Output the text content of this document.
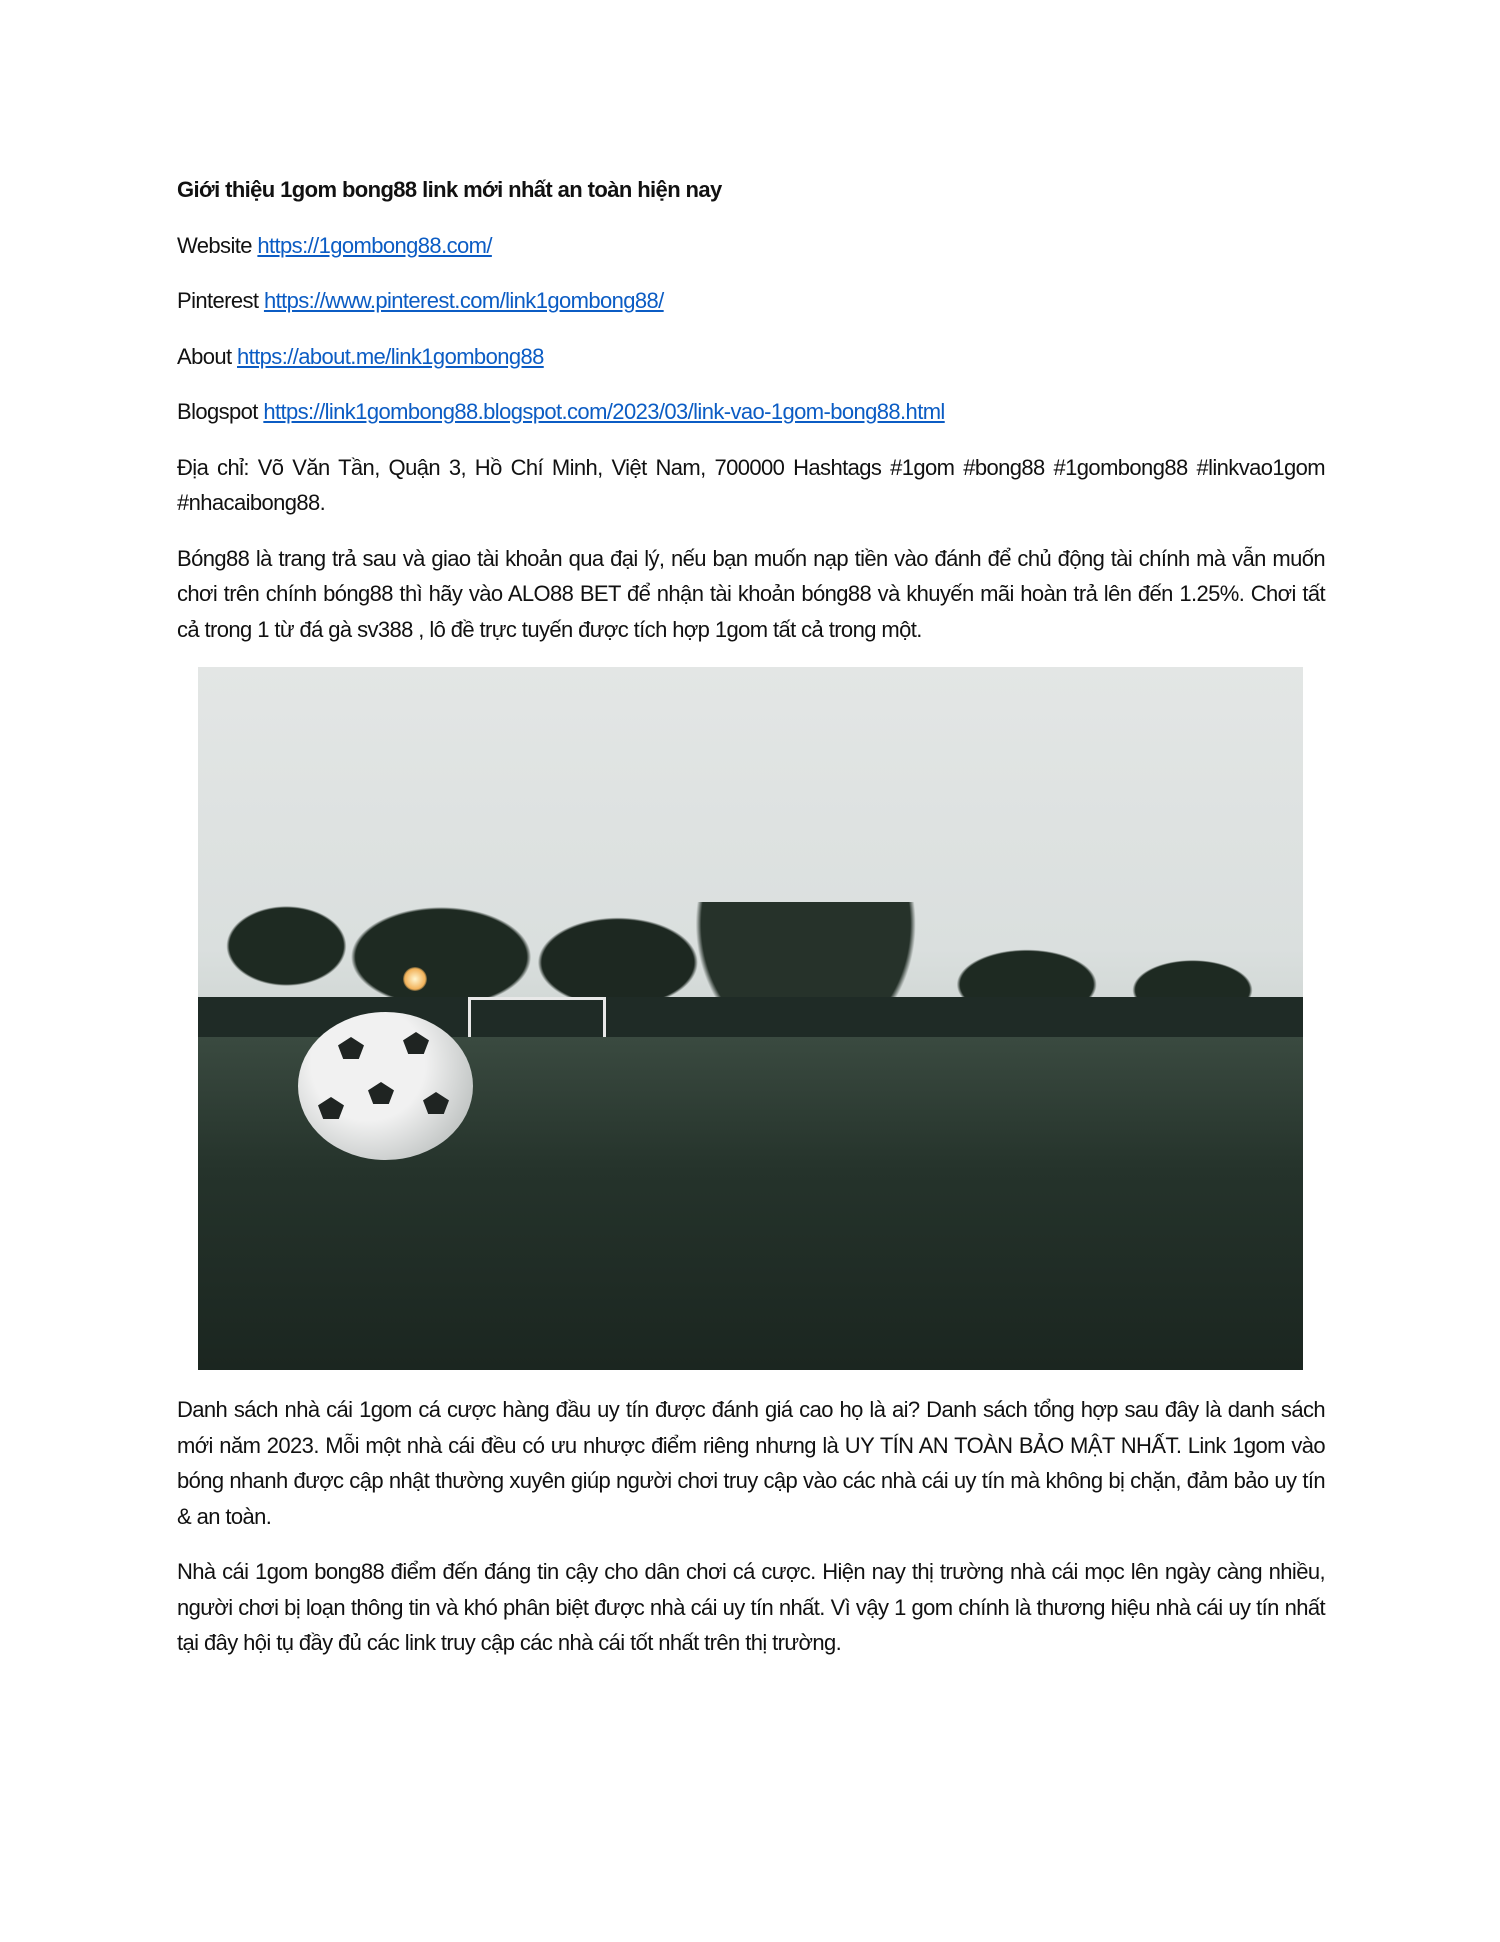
Giới thiệu 1gom bong88 link mới nhất an toàn hiện nay

Website https://1gombong88.com/

Pinterest https://www.pinterest.com/link1gombong88/

About https://about.me/link1gombong88

Blogspot https://link1gombong88.blogspot.com/2023/03/link-vao-1gom-bong88.html

Địa chỉ: Võ Văn Tần, Quận 3, Hồ Chí Minh, Việt Nam, 700000 Hashtags #1gom #bong88 #1gombong88 #linkvao1gom #nhacaibong88.

Bóng88 là trang trả sau và giao tài khoản qua đại lý, nếu bạn muốn nạp tiền vào đánh để chủ động tài chính mà vẫn muốn chơi trên chính bóng88 thì hãy vào ALO88 BET để nhận tài khoản bóng88 và khuyến mãi hoàn trả lên đến 1.25%. Chơi tất cả trong 1 từ đá gà sv388 , lô đề trực tuyến được tích hợp 1gom tất cả trong một.

Danh sách nhà cái 1gom cá cược hàng đầu uy tín được đánh giá cao họ là ai? Danh sách tổng hợp sau đây là danh sách mới năm 2023. Mỗi một nhà cái đều có ưu nhược điểm riêng nhưng là UY TÍN AN TOÀN BẢO MẬT NHẤT. Link 1gom vào bóng nhanh được cập nhật thường xuyên giúp người chơi truy cập vào các nhà cái uy tín mà không bị chặn, đảm bảo uy tín & an toàn.

Nhà cái 1gom bong88 điểm đến đáng tin cậy cho dân chơi cá cược. Hiện nay thị trường nhà cái mọc lên ngày càng nhiều, người chơi bị loạn thông tin và khó phân biệt được nhà cái uy tín nhất. Vì vậy 1 gom chính là thương hiệu nhà cái uy tín nhất tại đây hội tụ đầy đủ các link truy cập các nhà cái tốt nhất trên thị trường.
